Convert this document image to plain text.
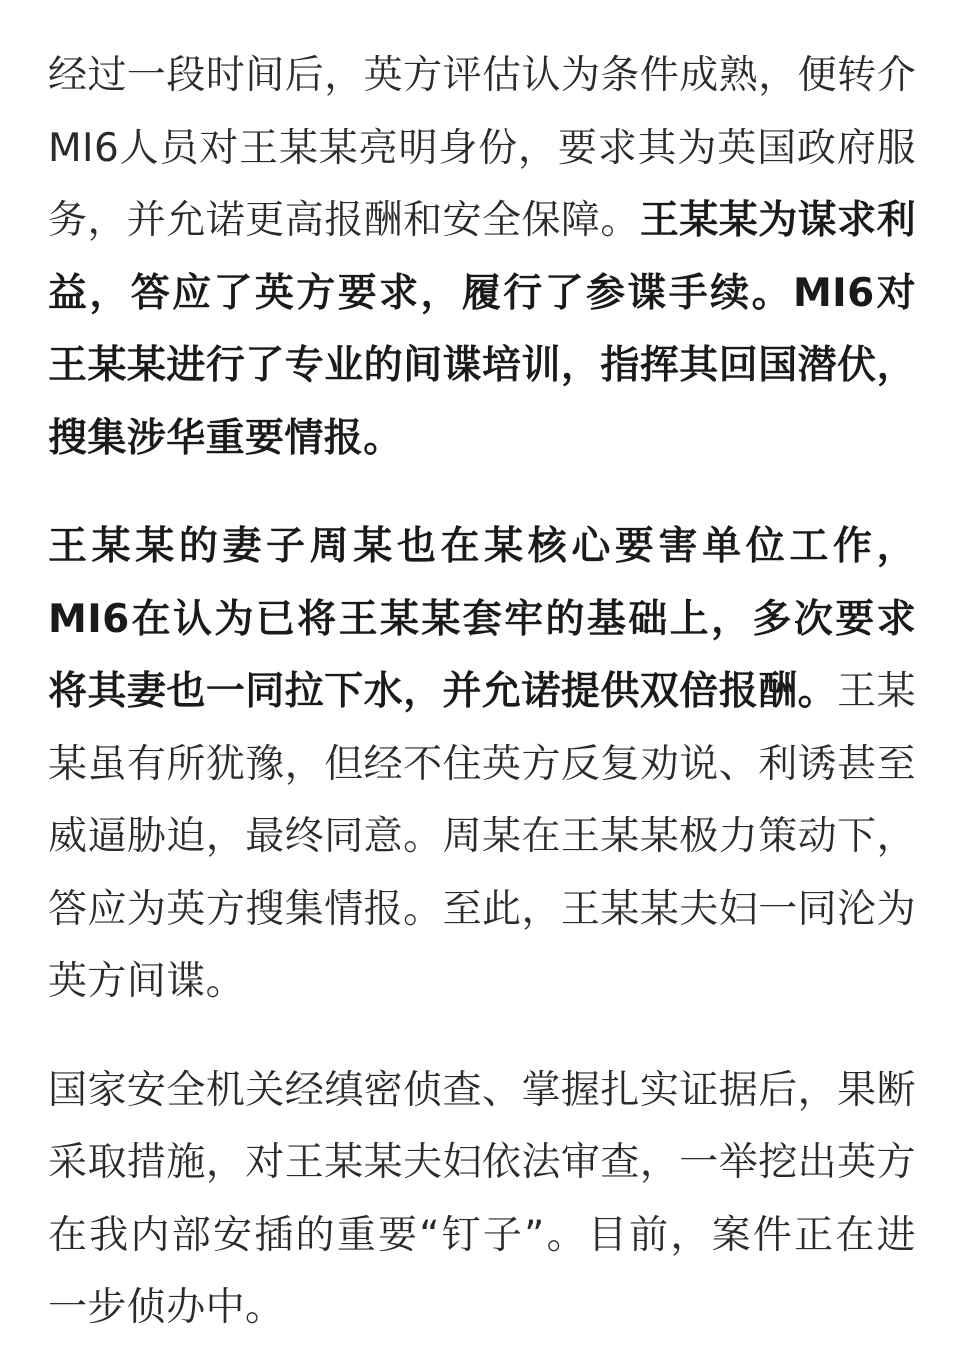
经过一段时间后，英方评估认为条件成熟，便转介MI6人员对王某某亮明身份，要求其为英国政府服务，并允诺更高报酬和安全保障。王某某为谋求利益，答应了英方要求，履行了参谍手续。MI6对王某某进行了专业的间谍培训，指挥其回国潜伏，搜集涉华重要情报。

王某某的妻子周某也在某核心要害单位工作，MI6在认为已将王某某套牢的基础上，多次要求将其妻也一同拉下水，并允诺提供双倍报酬。王某某虽有所犹豫，但经不住英方反复劝说、利诱甚至威逼胁迫，最终同意。周某在王某某极力策动下，答应为英方搜集情报。至此，王某某夫妇一同沦为英方间谍。

国家安全机关经缜密侦查、掌握扎实证据后，果断采取措施，对王某某夫妇依法审查，一举挖出英方在我内部安插的重要“钉子”。目前，案件正在进一步侦办中。
